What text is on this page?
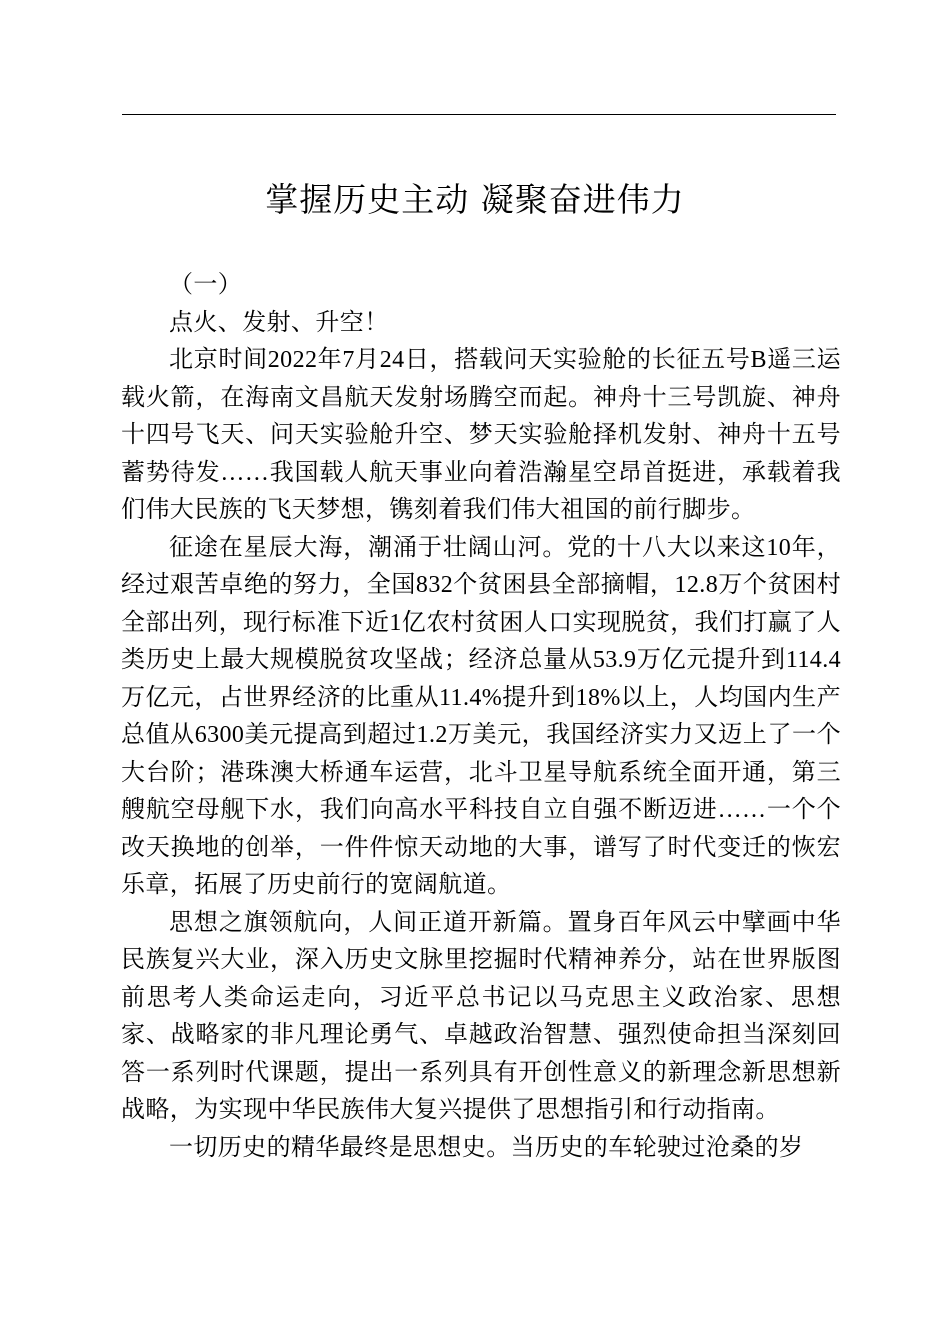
掌握历史主动 凝聚奋进伟力

（一）

点火、发射、升空！

北京时间2022年7月24日，搭载问天实验舱的长征五号B遥三运载火箭，在海南文昌航天发射场腾空而起。神舟十三号凯旋、神舟十四号飞天、问天实验舱升空、梦天实验舱择机发射、神舟十五号蓄势待发……我国载人航天事业向着浩瀚星空昂首挺进，承载着我们伟大民族的飞天梦想，镌刻着我们伟大祖国的前行脚步。

征途在星辰大海，潮涌于壮阔山河。党的十八大以来这10年，经过艰苦卓绝的努力，全国832个贫困县全部摘帽，12.8万个贫困村全部出列，现行标准下近1亿农村贫困人口实现脱贫，我们打赢了人类历史上最大规模脱贫攻坚战；经济总量从53.9万亿元提升到114.4万亿元，占世界经济的比重从11.4%提升到18%以上，人均国内生产总值从6300美元提高到超过1.2万美元，我国经济实力又迈上了一个大台阶；港珠澳大桥通车运营，北斗卫星导航系统全面开通，第三艘航空母舰下水，我们向高水平科技自立自强不断迈进……一个个改天换地的创举，一件件惊天动地的大事，谱写了时代变迁的恢宏乐章，拓展了历史前行的宽阔航道。

思想之旗领航向，人间正道开新篇。置身百年风云中擘画中华民族复兴大业，深入历史文脉里挖掘时代精神养分，站在世界版图前思考人类命运走向，习近平总书记以马克思主义政治家、思想家、战略家的非凡理论勇气、卓越政治智慧、强烈使命担当深刻回答一系列时代课题，提出一系列具有开创性意义的新理念新思想新战略，为实现中华民族伟大复兴提供了思想指引和行动指南。

一切历史的精华最终是思想史。当历史的车轮驶过沧桑的岁
